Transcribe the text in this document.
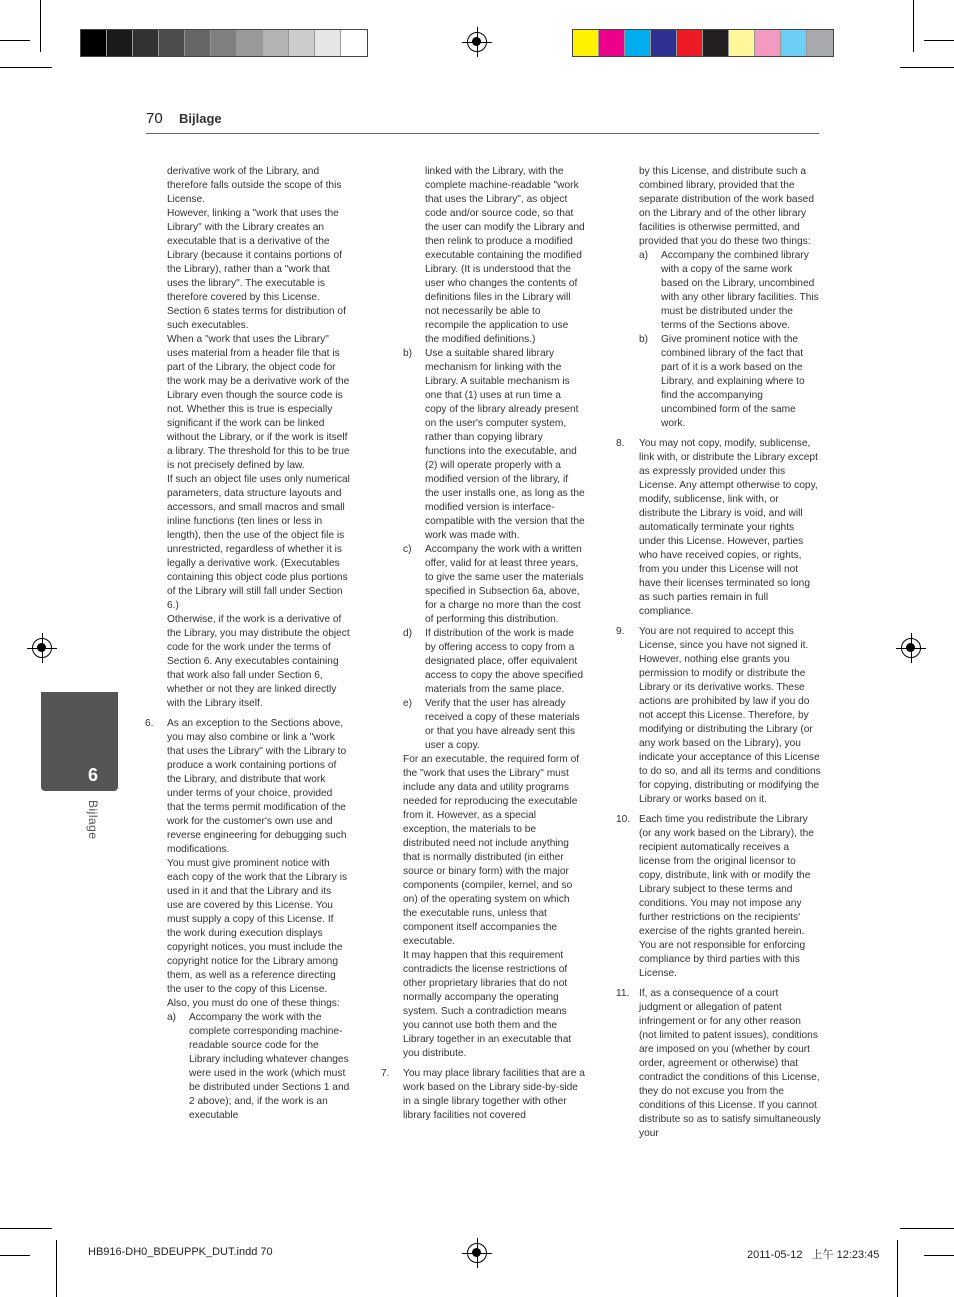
70 Bijlage
6
Bijlage

derivative work of the Library, and therefore falls outside the scope of this License.

However, linking a "work that uses the Library" with the Library creates an executable that is a derivative of the Library (because it contains portions of the Library), rather than a "work that uses the library". The executable is therefore covered by this License. Section 6 states terms for distribution of such executables.

When a "work that uses the Library" uses material from a header file that is part of the Library, the object code for the work may be a derivative work of the Library even though the source code is not. Whether this is true is especially significant if the work can be linked without the Library, or if the work is itself a library. The threshold for this to be true is not precisely defined by law.

If such an object file uses only numerical parameters, data structure layouts and accessors, and small macros and small inline functions (ten lines or less in length), then the use of the object file is unrestricted, regardless of whether it is legally a derivative work. (Executables containing this object code plus portions of the Library will still fall under Section 6.)

Otherwise, if the work is a derivative of the Library, you may distribute the object code for the work under the terms of Section 6. Any executables containing that work also fall under Section 6, whether or not they are linked directly with the Library itself.

6.	As an exception to the Sections above, you may also combine or link a "work that uses the Library" with the Library to produce a work containing portions of the Library, and distribute that work under terms of your choice, provided that the terms permit modification of the work for the customer's own use and reverse engineering for debugging such modifications.

You must give prominent notice with each copy of the work that the Library is used in it and that the Library and its use are covered by this License. You must supply a copy of this License. If the work during execution displays copyright notices, you must include the copyright notice for the Library among them, as well as a reference directing the user to the copy of this License. Also, you must do one of these things:

a)	Accompany the work with the complete corresponding machine-readable source code for the Library including whatever changes were used in the work (which must be distributed under Sections 1 and 2 above); and, if the work is an executable

linked with the Library, with the complete machine-readable "work that uses the Library", as object code and/or source code, so that the user can modify the Library and then relink to produce a modified executable containing the modified Library. (It is understood that the user who changes the contents of definitions files in the Library will not necessarily be able to recompile the application to use the modified definitions.)

b)	Use a suitable shared library mechanism for linking with the Library. A suitable mechanism is one that (1) uses at run time a copy of the library already present on the user's computer system, rather than copying library functions into the executable, and (2) will operate properly with a modified version of the library, if the user installs one, as long as the modified version is interface-compatible with the version that the work was made with.
c)	Accompany the work with a written offer, valid for at least three years, to give the same user the materials specified in Subsection 6a, above, for a charge no more than the cost of performing this distribution.
d)	If distribution of the work is made by offering access to copy from a designated place, offer equivalent access to copy the above specified materials from the same place.
e)	Verify that the user has already received a copy of these materials or that you have already sent this user a copy.

For an executable, the required form of the "work that uses the Library" must include any data and utility programs needed for reproducing the executable from it. However, as a special exception, the materials to be distributed need not include anything that is normally distributed (in either source or binary form) with the major components (compiler, kernel, and so on) of the operating system on which the executable runs, unless that component itself accompanies the executable.

It may happen that this requirement contradicts the license restrictions of other proprietary libraries that do not normally accompany the operating system. Such a contradiction means you cannot use both them and the Library together in an executable that you distribute.

7.	You may place library facilities that are a work based on the Library side-by-side in a single library together with other library facilities not covered

by this License, and distribute such a combined library, provided that the separate distribution of the work based on the Library and of the other library facilities is otherwise permitted, and provided that you do these two things:

a)	Accompany the combined library with a copy of the same work based on the Library, uncombined with any other library facilities. This must be distributed under the terms of the Sections above.
b)	Give prominent notice with the combined library of the fact that part of it is a work based on the Library, and explaining where to find the accompanying uncombined form of the same work.
8.	You may not copy, modify, sublicense, link with, or distribute the Library except as expressly provided under this License. Any attempt otherwise to copy, modify, sublicense, link with, or distribute the Library is void, and will automatically terminate your rights under this License. However, parties who have received copies, or rights, from you under this License will not have their licenses terminated so long as such parties remain in full compliance.
9.	You are not required to accept this License, since you have not signed it. However, nothing else grants you permission to modify or distribute the Library or its derivative works. These actions are prohibited by law if you do not accept this License. Therefore, by modifying or distributing the Library (or any work based on the Library), you indicate your acceptance of this License to do so, and all its terms and conditions for copying, distributing or modifying the Library or works based on it.
10. Each time you redistribute the Library (or any work based on the Library), the recipient automatically receives a license from the original licensor to copy, distribute, link with or modify the Library subject to these terms and conditions. You may not impose any further restrictions on the recipients' exercise of the rights granted herein. You are not responsible for enforcing compliance by third parties with this License.
11. If, as a consequence of a court judgment or allegation of patent infringement or for any other reason (not limited to patent issues), conditions are imposed on you (whether by court order, agreement or otherwise) that contradict the conditions of this License, they do not excuse you from the conditions of this License. If you cannot distribute so as to satisfy simultaneously your
HB916-DH0_BDEUPPK_DUT.indd 70	2011-05-12 上午 12:23:45
